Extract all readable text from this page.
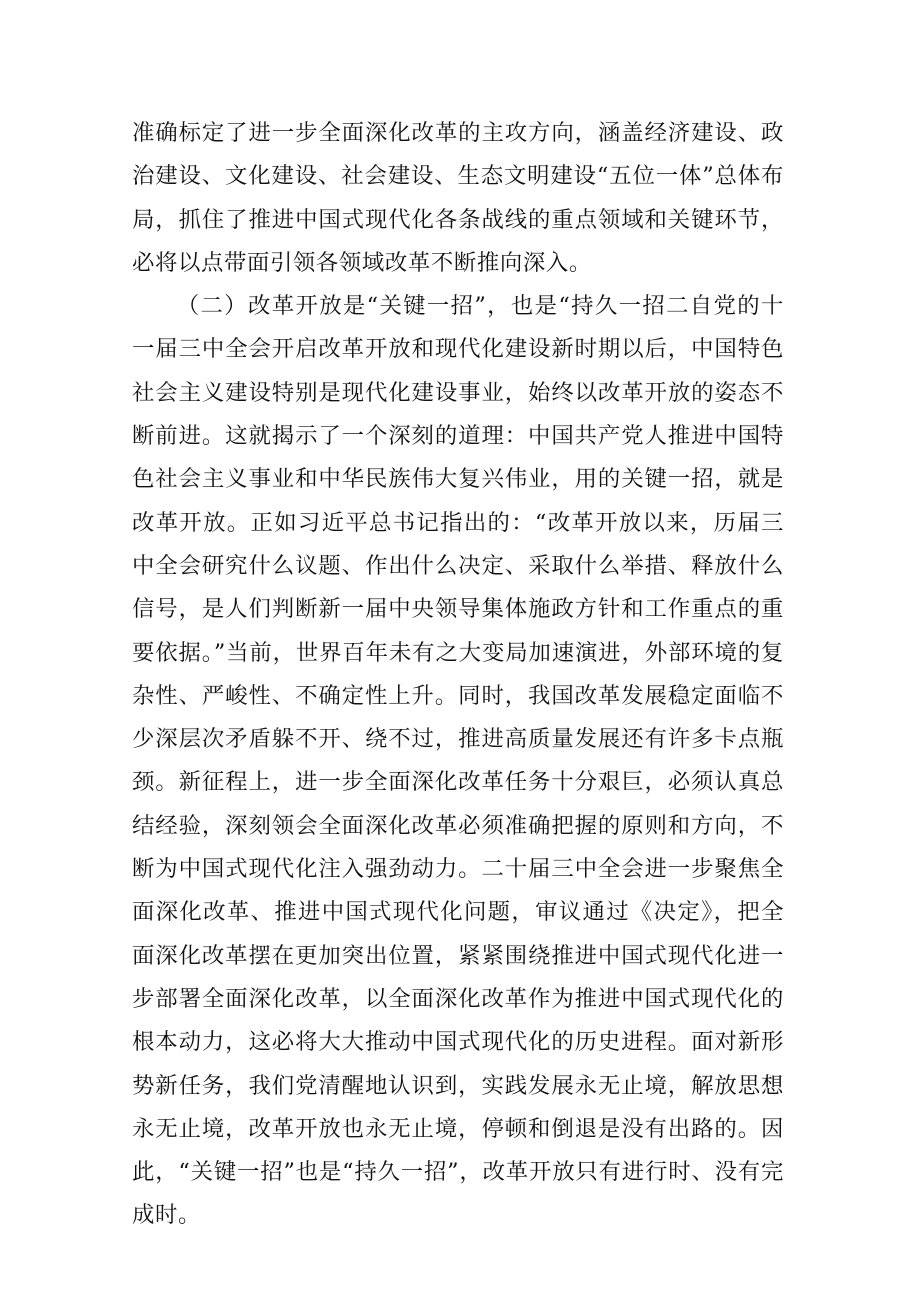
准确标定了进一步全面深化改革的主攻方向，涵盖经济建设、政治建设、文化建设、社会建设、生态文明建设“五位一体”总体布局，抓住了推进中国式现代化各条战线的重点领域和关键环节，必将以点带面引领各领域改革不断推向深入。

（二）改革开放是“关键一招”，也是“持久一招二自党的十一届三中全会开启改革开放和现代化建设新时期以后，中国特色社会主义建设特别是现代化建设事业，始终以改革开放的姿态不断前进。这就揭示了一个深刻的道理：中国共产党人推进中国特色社会主义事业和中华民族伟大复兴伟业，用的关键一招，就是改革开放。正如习近平总书记指出的：“改革开放以来，历届三中全会研究什么议题、作出什么决定、采取什么举措、释放什么信号，是人们判断新一届中央领导集体施政方针和工作重点的重要依据。”当前，世界百年未有之大变局加速演进，外部环境的复杂性、严峻性、不确定性上升。同时，我国改革发展稳定面临不少深层次矛盾躲不开、绕不过，推进高质量发展还有许多卡点瓶颈。新征程上，进一步全面深化改革任务十分艰巨，必须认真总结经验，深刻领会全面深化改革必须准确把握的原则和方向，不断为中国式现代化注入强劲动力。二十届三中全会进一步聚焦全面深化改革、推进中国式现代化问题，审议通过《决定》，把全面深化改革摆在更加突出位置，紧紧围绕推进中国式现代化进一步部署全面深化改革，以全面深化改革作为推进中国式现代化的根本动力，这必将大大推动中国式现代化的历史进程。面对新形势新任务，我们党清醒地认识到，实践发展永无止境，解放思想永无止境，改革开放也永无止境，停顿和倒退是没有出路的。因此，“关键一招”也是“持久一招”，改革开放只有进行时、没有完成时。
